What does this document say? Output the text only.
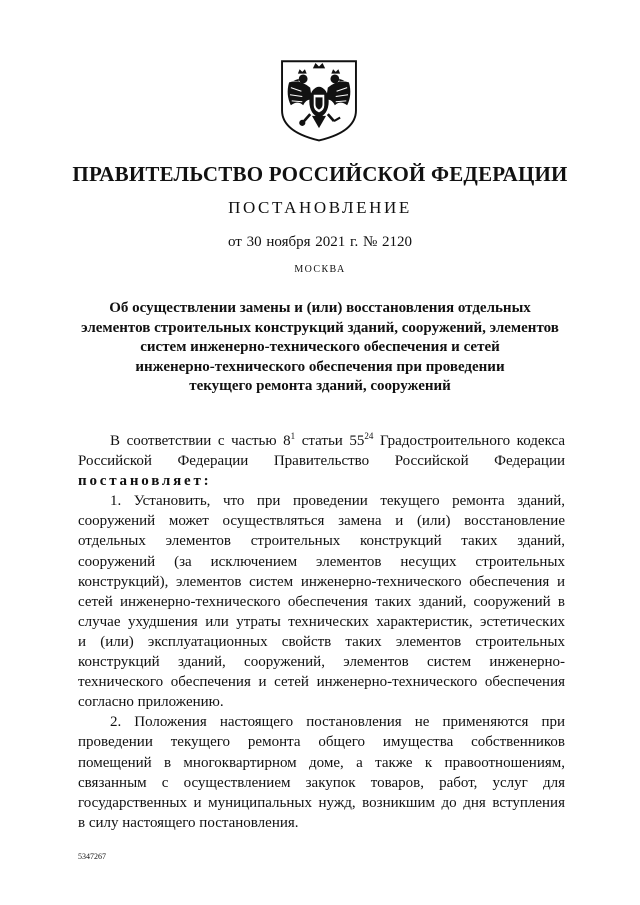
ПРАВИТЕЛЬСТВО РОССИЙСКОЙ ФЕДЕРАЦИИ
ПОСТАНОВЛЕНИЕ
от 30 ноября 2021 г. № 2120
МОСКВА
Об осуществлении замены и (или) восстановления отдельных
элементов строительных конструкций зданий, сооружений, элементов
систем инженерно-технического обеспечения и сетей
инженерно-технического обеспечения при проведении
текущего ремонта зданий, сооружений
В соответствии с частью $8^1$ статьи $55^{24}$ Градостроительного кодекса
Российской Федерации Правительство Российской Федерации
постановляет:
1. Установить, что при проведении текущего ремонта зданий,
сооружений может осуществляться замена и (или) восстановление
отдельных элементов строительных конструкций таких зданий,
сооружений (за исключением элементов несущих строительных
конструкций), элементов систем инженерно-технического обеспечения и
сетей инженерно-технического обеспечения таких зданий, сооружений в
случае ухудшения или утраты технических характеристик, эстетических
и (или) эксплуатационных свойств таких элементов строительных
конструкций зданий, сооружений, элементов систем инженерно-
технического обеспечения и сетей инженерно-технического обеспечения
согласно приложению.
2. Положения настоящего постановления не применяются при
проведении текущего ремонта общего имущества собственников
помещений в многоквартирном доме, а также к правоотношениям,
связанным с осуществлением закупок товаров, работ, услуг для
государственных и муниципальных нужд, возникшим до дня вступления
в силу настоящего постановления.
5347267
